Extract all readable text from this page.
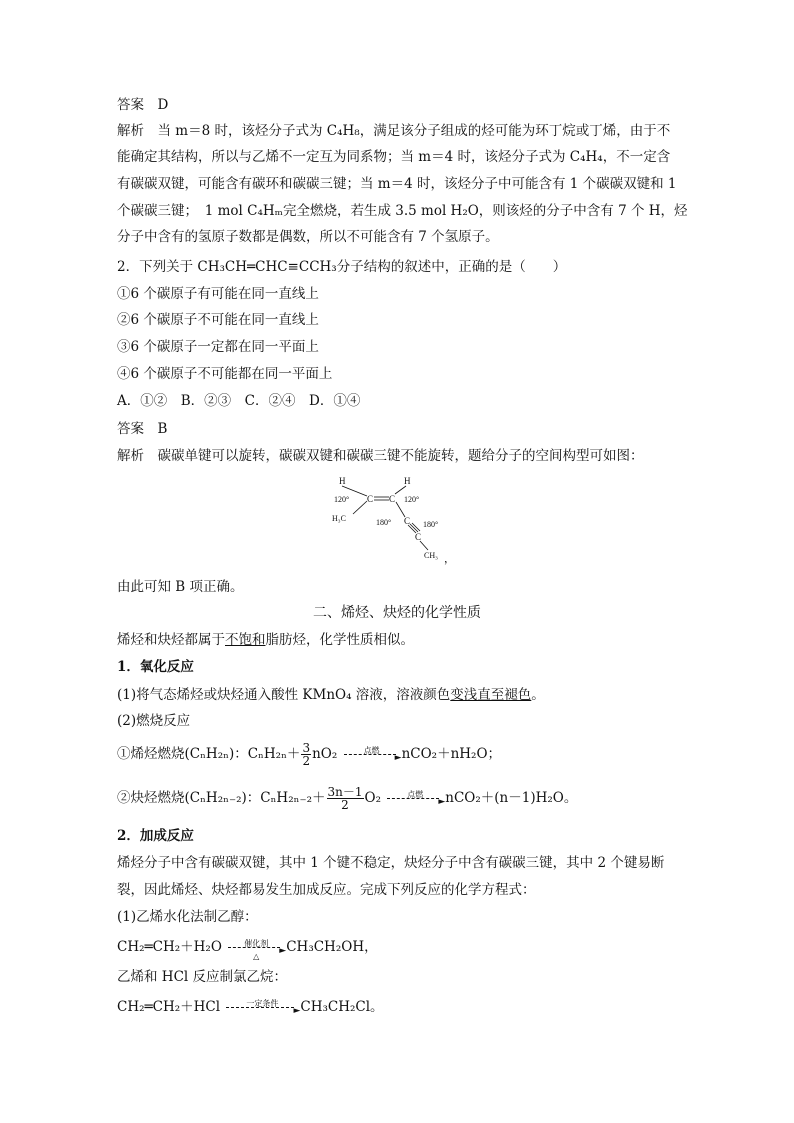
答案　D
解析　当 m＝8 时，该烃分子式为 C₄H₈，满足该分子组成的烃可能为环丁烷或丁烯，由于不
能确定其结构，所以与乙烯不一定互为同系物；当 m＝4 时，该烃分子式为 C₄H₄，不一定含
有碳碳双键，可能含有碳环和碳碳三键；当 m＝4 时，该烃分子中可能含有 1 个碳碳双键和 1
个碳碳三键；　1 mol C₄Hₘ完全燃烧，若生成 3.5 mol H₂O，则该烃的分子中含有 7 个 H，烃
分子中含有的氢原子数都是偶数，所以不可能含有 7 个氢原子。
2．下列关于 CH₃CH═CHC≡CCH₃分子结构的叙述中，正确的是（　　）
①6 个碳原子有可能在同一直线上
②6 个碳原子不可能在同一直线上
③6 个碳原子一定都在同一平面上
④6 个碳原子不可能都在同一平面上
A．①②　B．②③　C．②④　D．①④
答案　B
解析　碳碳单键可以旋转，碳碳双键和碳碳三键不能旋转，题给分子的空间构型可如图：
H	H
120°	120°
C C
H₃C	180°	180°
C
C
CH₃ ，
由此可知 B 项正确。
二、烯烃、炔烃的化学性质
烯烃和炔烃都属于不饱和脂肪烃，化学性质相似。
1．氧化反应
(1)将气态烯烃或炔烃通入酸性 KMnO₄ 溶液，溶液颜色变浅直至褪色。
(2)燃烧反应
①烯烃燃烧(CₙH₂ₙ)：$C_nH_{2n}+ \frac{3}{2} nO_2$	点燃
► nCO₂＋nH₂O；
②炔烃燃烧(CₙH₂ₙ₋₂)：$C_nH_{2n-2}+ \frac{3n-1}{2} O_2$	点燃
► nCO₂＋(n－1)H₂O。
2．加成反应
烯烃分子中含有碳碳双键，其中 1 个键不稳定，炔烃分子中含有碳碳三键，其中 2 个键易断
裂，因此烯烃、炔烃都易发生加成反应。完成下列反应的化学方程式：
(1)乙烯水化法制乙醇：
CH₂═CH₂＋H₂O	催化剂
►
△
CH₃CH₂OH，
乙烯和 HCl 反应制氯乙烷：
CH₂═CH₂＋HCl	一定条件
► CH₃CH₂Cl。
